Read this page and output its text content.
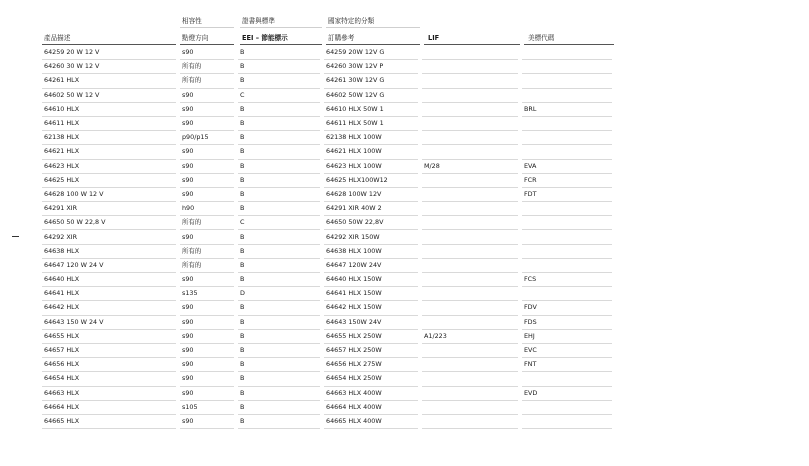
相容性	證書與標準	國家特定的分類
產品描述	點燈方向	EEI – 節能標示	訂購參考	LIF	美標代碼
64259 20 W 12 V		s90		B		64259 20W 12V G				
64260 30 W 12 V		所有的		B		64260 30W 12V P				
64261 HLX		所有的		B		64261 30W 12V G				
64602 50 W 12 V		s90		C		64602 50W 12V G				
64610 HLX		s90		B		64610 HLX 50W 1				BRL
64611 HLX		s90		B		64611 HLX 50W 1				
62138 HLX		p90/p15		B		62138 HLX 100W				
64621 HLX		s90		B		64621 HLX 100W				
64623 HLX		s90		B		64623 HLX 100W		M/28		EVA
64625 HLX		s90		B		64625 HLX100W12				FCR
64628 100 W 12 V		s90		B		64628 100W 12V				FDT
64291 XIR		h90		B		64291 XIR 40W 2				
64650 50 W 22,8 V		所有的		C		64650 50W 22,8V				
64292 XIR		s90		B		64292 XIR 150W				
64638 HLX		所有的		B		64638 HLX 100W				
64647 120 W 24 V		所有的		B		64647 120W 24V				
64640 HLX		s90		B		64640 HLX 150W				FCS
64641 HLX		s135		D		64641 HLX 150W				
64642 HLX		s90		B		64642 HLX 150W				FDV
64643 150 W 24 V		s90		B		64643 150W 24V				FDS
64655 HLX		s90		B		64655 HLX 250W		A1/223		EHJ
64657 HLX		s90		B		64657 HLX 250W				EVC
64656 HLX		s90		B		64656 HLX 275W				FNT
64654 HLX		s90		B		64654 HLX 250W				
64663 HLX		s90		B		64663 HLX 400W				EVD
64664 HLX		s105		B		64664 HLX 400W				
64665 HLX		s90		B		64665 HLX 400W				
